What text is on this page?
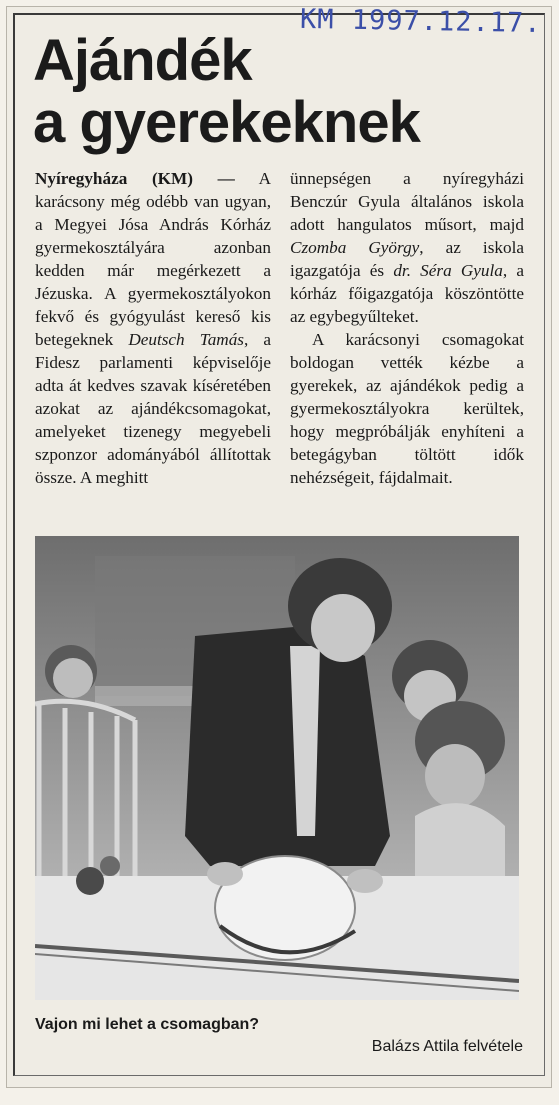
KM 1997.12.17.
Ajándék
a gyerekeknek

Nyíregyháza (KM) — A karácsony még odébb van ugyan, a Megyei Jósa András Kórház gyermekosztályára azonban kedden már megérkezett a Jézuska. A gyermekosztályokon fekvő és gyógyulást kereső kis betegeknek Deutsch Tamás, a Fidesz parlamenti képviselője adta át kedves szavak kíséretében azokat az ajándékcsomagokat, amelyeket tizenegy megyebeli szponzor adományából állítottak össze. A meghitt

ünnepségen a nyíregyházi Benczúr Gyula általános iskola adott hangulatos műsort, majd Czomba György, az iskola igazgatója és dr. Séra Gyula, a kórház főigazgatója köszöntötte az egybegyűlteket.

A karácsonyi csomagokat boldogan vették kézbe a gyerekek, az ajándékok pedig a gyermekosztályokra kerültek, hogy megpróbálják enyhíteni a betegágyban töltött idők nehézségeit, fájdalmait.

Vajon mi lehet a csomagban?
Balázs Attila felvétele
